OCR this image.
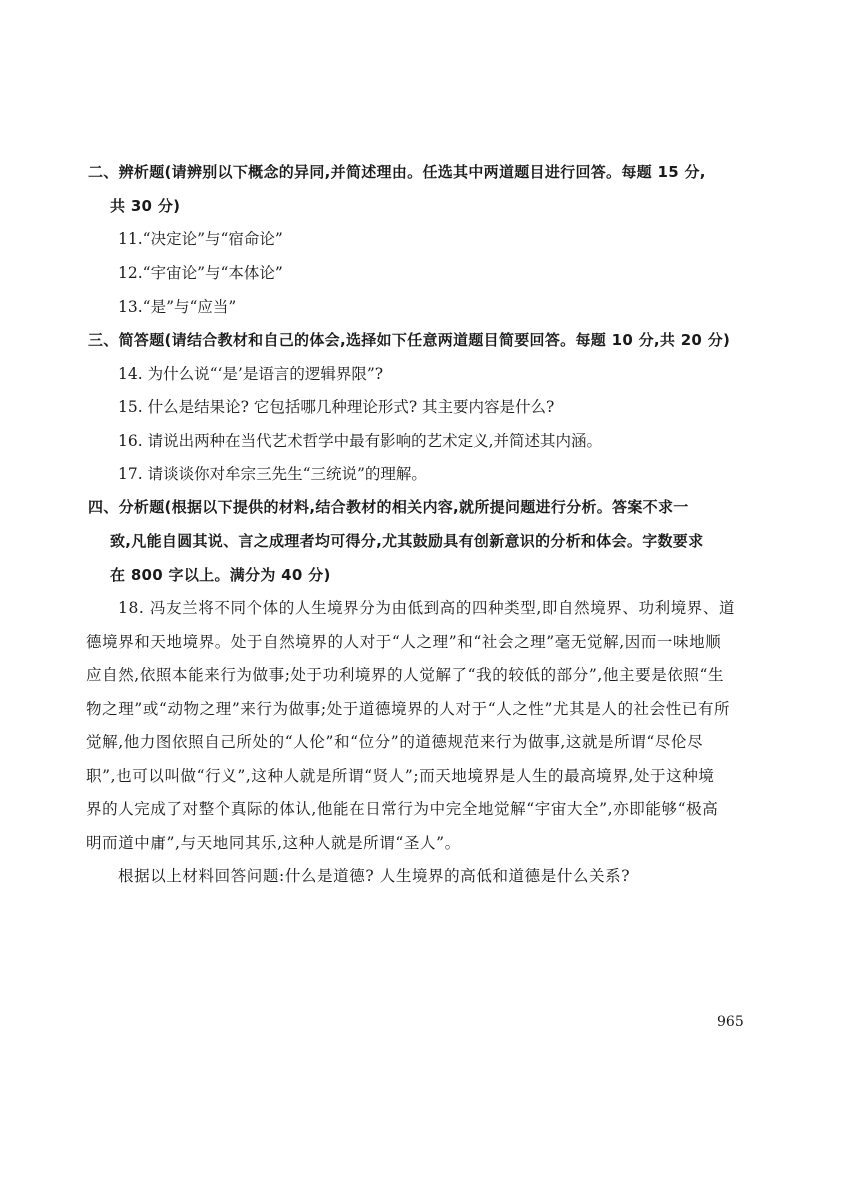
二、辨析题(请辨别以下概念的异同,并简述理由。任选其中两道题目进行回答。每题 15 分,
共 30 分)
11.“决定论”与“宿命论”
12.“宇宙论”与“本体论”
13.“是”与“应当”
三、简答题(请结合教材和自己的体会,选择如下任意两道题目简要回答。每题 10 分,共 20 分)
14. 为什么说“‘是’是语言的逻辑界限”?
15. 什么是结果论? 它包括哪几种理论形式? 其主要内容是什么?
16. 请说出两种在当代艺术哲学中最有影响的艺术定义,并简述其内涵。
17. 请谈谈你对牟宗三先生“三统说”的理解。
四、分析题(根据以下提供的材料,结合教材的相关内容,就所提问题进行分析。答案不求一
致,凡能自圆其说、言之成理者均可得分,尤其鼓励具有创新意识的分析和体会。字数要求
在 800 字以上。满分为 40 分)
18. 冯友兰将不同个体的人生境界分为由低到高的四种类型,即自然境界、功利境界、道
德境界和天地境界。处于自然境界的人对于“人之理”和“社会之理”毫无觉解,因而一味地顺
应自然,依照本能来行为做事;处于功利境界的人觉解了“我的较低的部分”,他主要是依照“生
物之理”或“动物之理”来行为做事;处于道德境界的人对于“人之性”尤其是人的社会性已有所
觉解,他力图依照自己所处的“人伦”和“位分”的道德规范来行为做事,这就是所谓“尽伦尽
职”,也可以叫做“行义”,这种人就是所谓“贤人”;而天地境界是人生的最高境界,处于这种境
界的人完成了对整个真际的体认,他能在日常行为中完全地觉解“宇宙大全”,亦即能够“极高
明而道中庸”,与天地同其乐,这种人就是所谓“圣人”。
根据以上材料回答问题:什么是道德? 人生境界的高低和道德是什么关系?
965
